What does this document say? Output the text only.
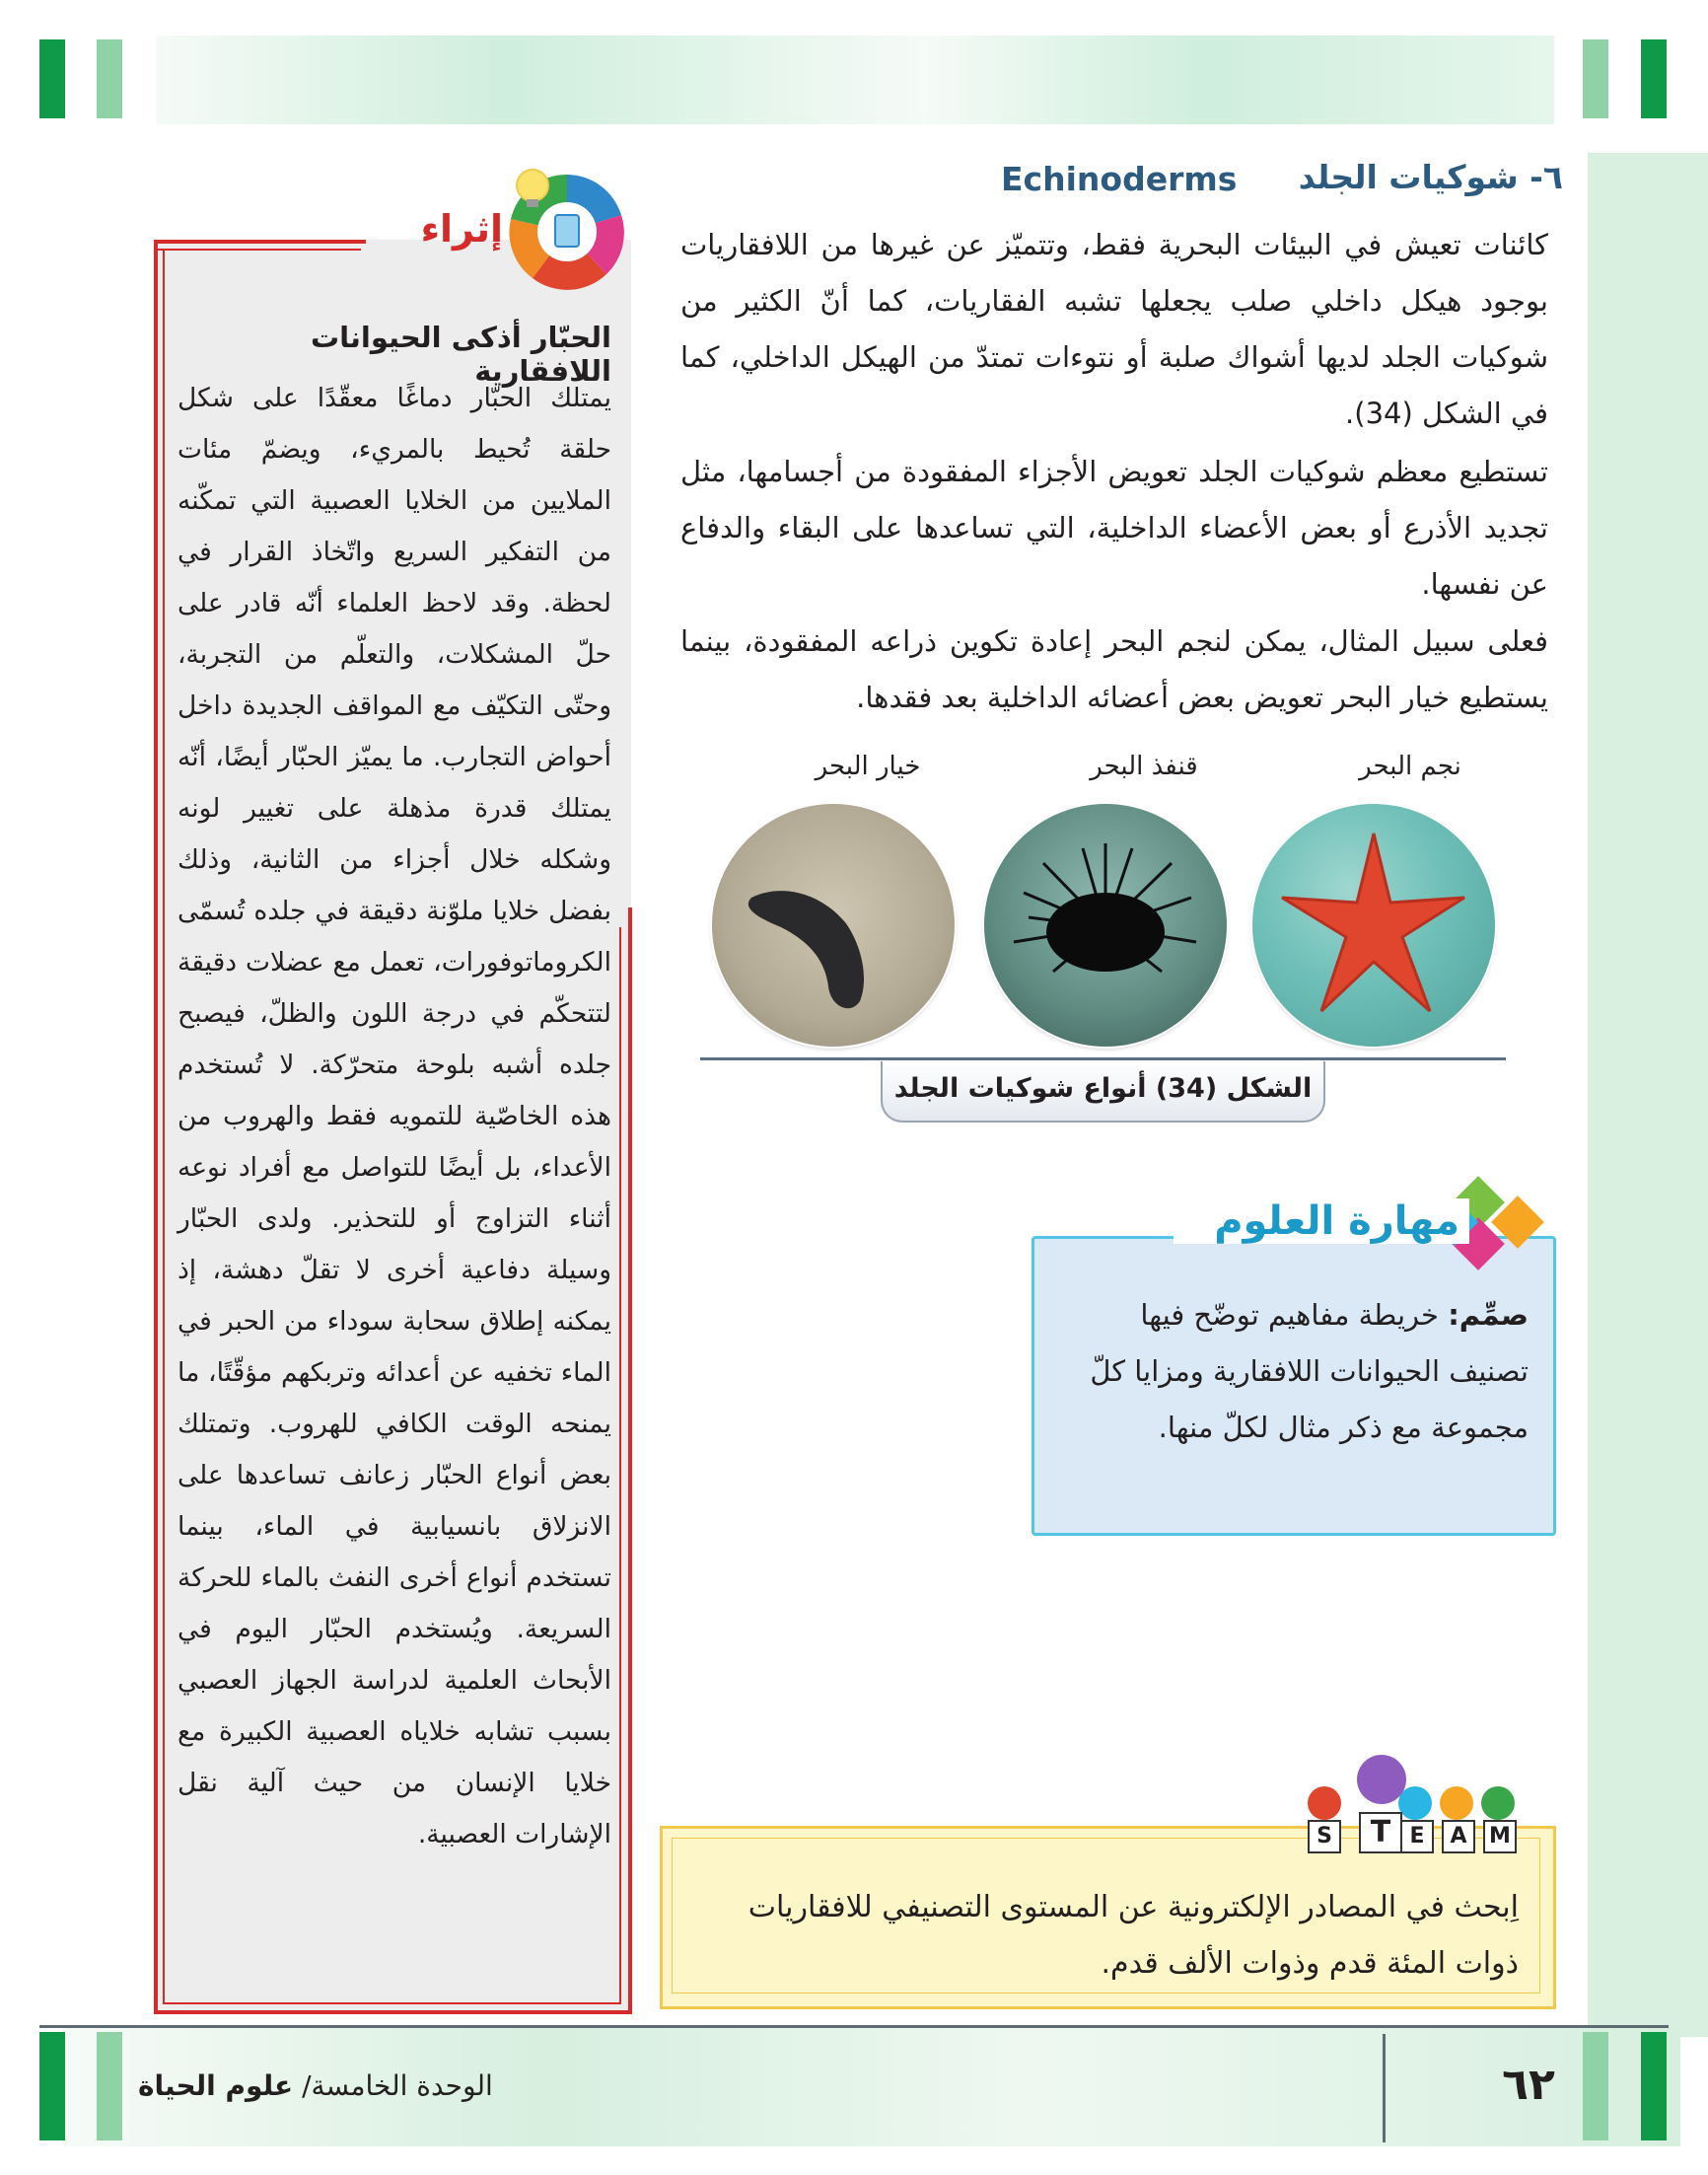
٦- شوكيات الجلد
Echinoderms
كائنات تعيش في البيئات البحرية فقط، وتتميّز عن غيرها من اللافقاريات بوجود هيكل داخلي صلب يجعلها تشبه الفقاريات، كما أنّ الكثير من شوكيات الجلد لديها أشواك صلبة أو نتوءات تمتدّ من الهيكل الداخلي، كما في الشكل (34).
تستطيع معظم شوكيات الجلد تعويض الأجزاء المفقودة من أجسامها، مثل تجديد الأذرع أو بعض الأعضاء الداخلية، التي تساعدها على البقاء والدفاع عن نفسها.
فعلى سبيل المثال، يمكن لنجم البحر إعادة تكوين ذراعه المفقودة، بينما يستطيع خيار البحر تعويض بعض أعضائه الداخلية بعد فقدها.
نجم البحر
قنفذ البحر
خيار البحر
الشكل (34) أنواع شوكيات الجلد
إثراء
الحبّار أذكى الحيوانات اللافقارية
يمتلك الحبّار دماغًا معقّدًا على شكل حلقة تُحيط بالمريء، ويضمّ مئات الملايين من الخلايا العصبية التي تمكّنه من التفكير السريع واتّخاذ القرار في لحظة. وقد لاحظ العلماء أنّه قادر على حلّ المشكلات، والتعلّم من التجربة، وحتّى التكيّف مع المواقف الجديدة داخل أحواض التجارب. ما يميّز الحبّار أيضًا، أنّه يمتلك قدرة مذهلة على تغيير لونه وشكله خلال أجزاء من الثانية، وذلك بفضل خلايا ملوّنة دقيقة في جلده تُسمّى الكروماتوفورات، تعمل مع عضلات دقيقة لتتحكّم في درجة اللون والظلّ، فيصبح جلده أشبه بلوحة متحرّكة. لا تُستخدم هذه الخاصّية للتمويه فقط والهروب من الأعداء، بل أيضًا للتواصل مع أفراد نوعه أثناء التزاوج أو للتحذير. ولدى الحبّار وسيلة دفاعية أخرى لا تقلّ دهشة، إذ يمكنه إطلاق سحابة سوداء من الحبر في الماء تخفيه عن أعدائه وتربكهم مؤقّتًا، ما يمنحه الوقت الكافي للهروب. وتمتلك بعض أنواع الحبّار زعانف تساعدها على الانزلاق بانسيابية في الماء، بينما تستخدم أنواع أخرى النفث بالماء للحركة السريعة. ويُستخدم الحبّار اليوم في الأبحاث العلمية لدراسة الجهاز العصبي بسبب تشابه خلاياه العصبية الكبيرة مع خلايا الإنسان من حيث آلية نقل الإشارات العصبية.
مهارة العلوم
صمِّم: خريطة مفاهيم توضّح فيها تصنيف الحيوانات اللافقارية ومزايا كلّ مجموعة مع ذكر مثال لكلّ منها.
S	T E	A	M
اِبحث في المصادر الإلكترونية عن المستوى التصنيفي للافقاريات ذوات المئة قدم وذوات الألف قدم.
الوحدة الخامسة/ علوم الحياة	٦٢
